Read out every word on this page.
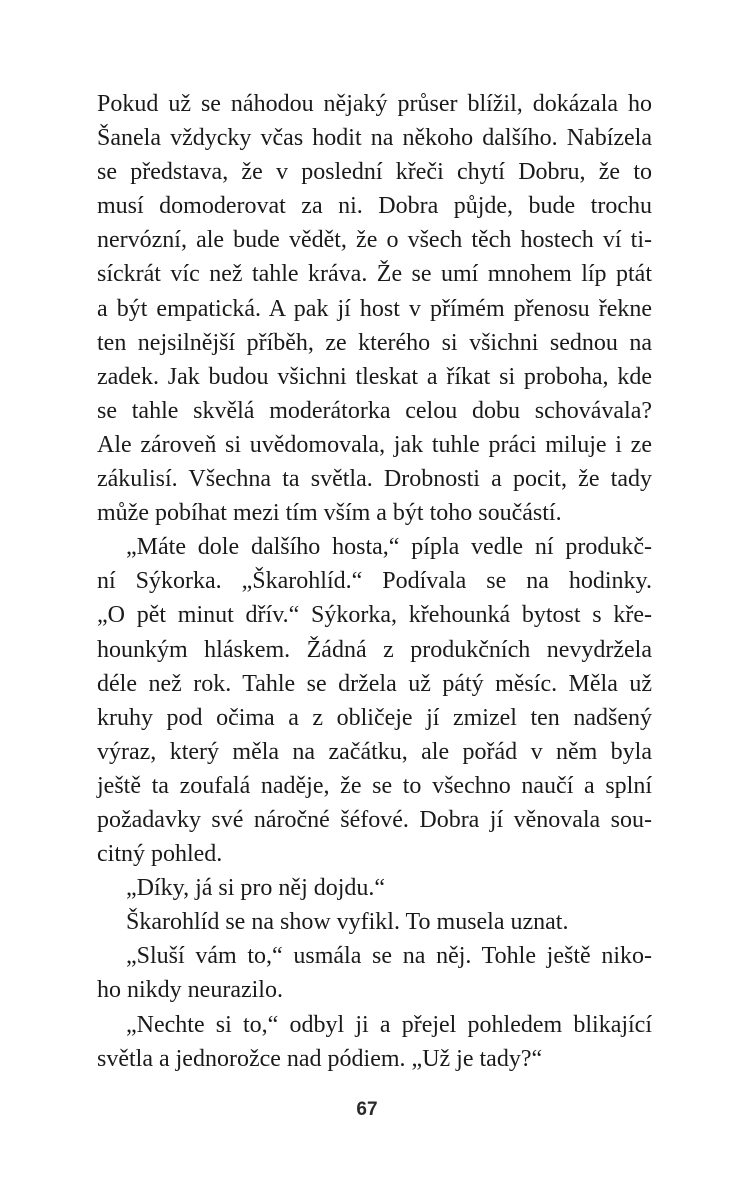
Pokud už se náhodou nějaký průser blížil, dokázala ho
Šanela vždycky včas hodit na někoho dalšího. Nabízela
se představa, že v poslední křeči chytí Dobru, že to
musí domoderovat za ni. Dobra půjde, bude trochu
nervózní, ale bude vědět, že o všech těch hostech ví ti-
síckrát víc než tahle kráva. Že se umí mnohem líp ptát
a být empatická. A pak jí host v přímém přenosu řekne
ten nejsilnější příběh, ze kterého si všichni sednou na
zadek. Jak budou všichni tleskat a říkat si proboha, kde
se tahle skvělá moderátorka celou dobu schovávala?
Ale zároveň si uvědomovala, jak tuhle práci miluje i ze
zákulisí. Všechna ta světla. Drobnosti a pocit, že tady
může pobíhat mezi tím vším a být toho součástí.
„Máte dole dalšího hosta,“ pípla vedle ní produkč-
ní Sýkorka. „Škarohlíd.“ Podívala se na hodinky.
„O pět minut dřív.“ Sýkorka, křehounká bytost s kře-
hounkým hláskem. Žádná z produkčních nevydržela
déle než rok. Tahle se držela už pátý měsíc. Měla už
kruhy pod očima a z obličeje jí zmizel ten nadšený
výraz, který měla na začátku, ale pořád v něm byla
ještě ta zoufalá naděje, že se to všechno naučí a splní
požadavky své náročné šéfové. Dobra jí věnovala sou-
citný pohled.
„Díky, já si pro něj dojdu.“
Škarohlíd se na show vyfikl. To musela uznat.
„Sluší vám to,“ usmála se na něj. Tohle ještě niko-
ho nikdy neurazilo.
„Nechte si to,“ odbyl ji a přejel pohledem blikající
světla a jednorožce nad pódiem. „Už je tady?“
67
